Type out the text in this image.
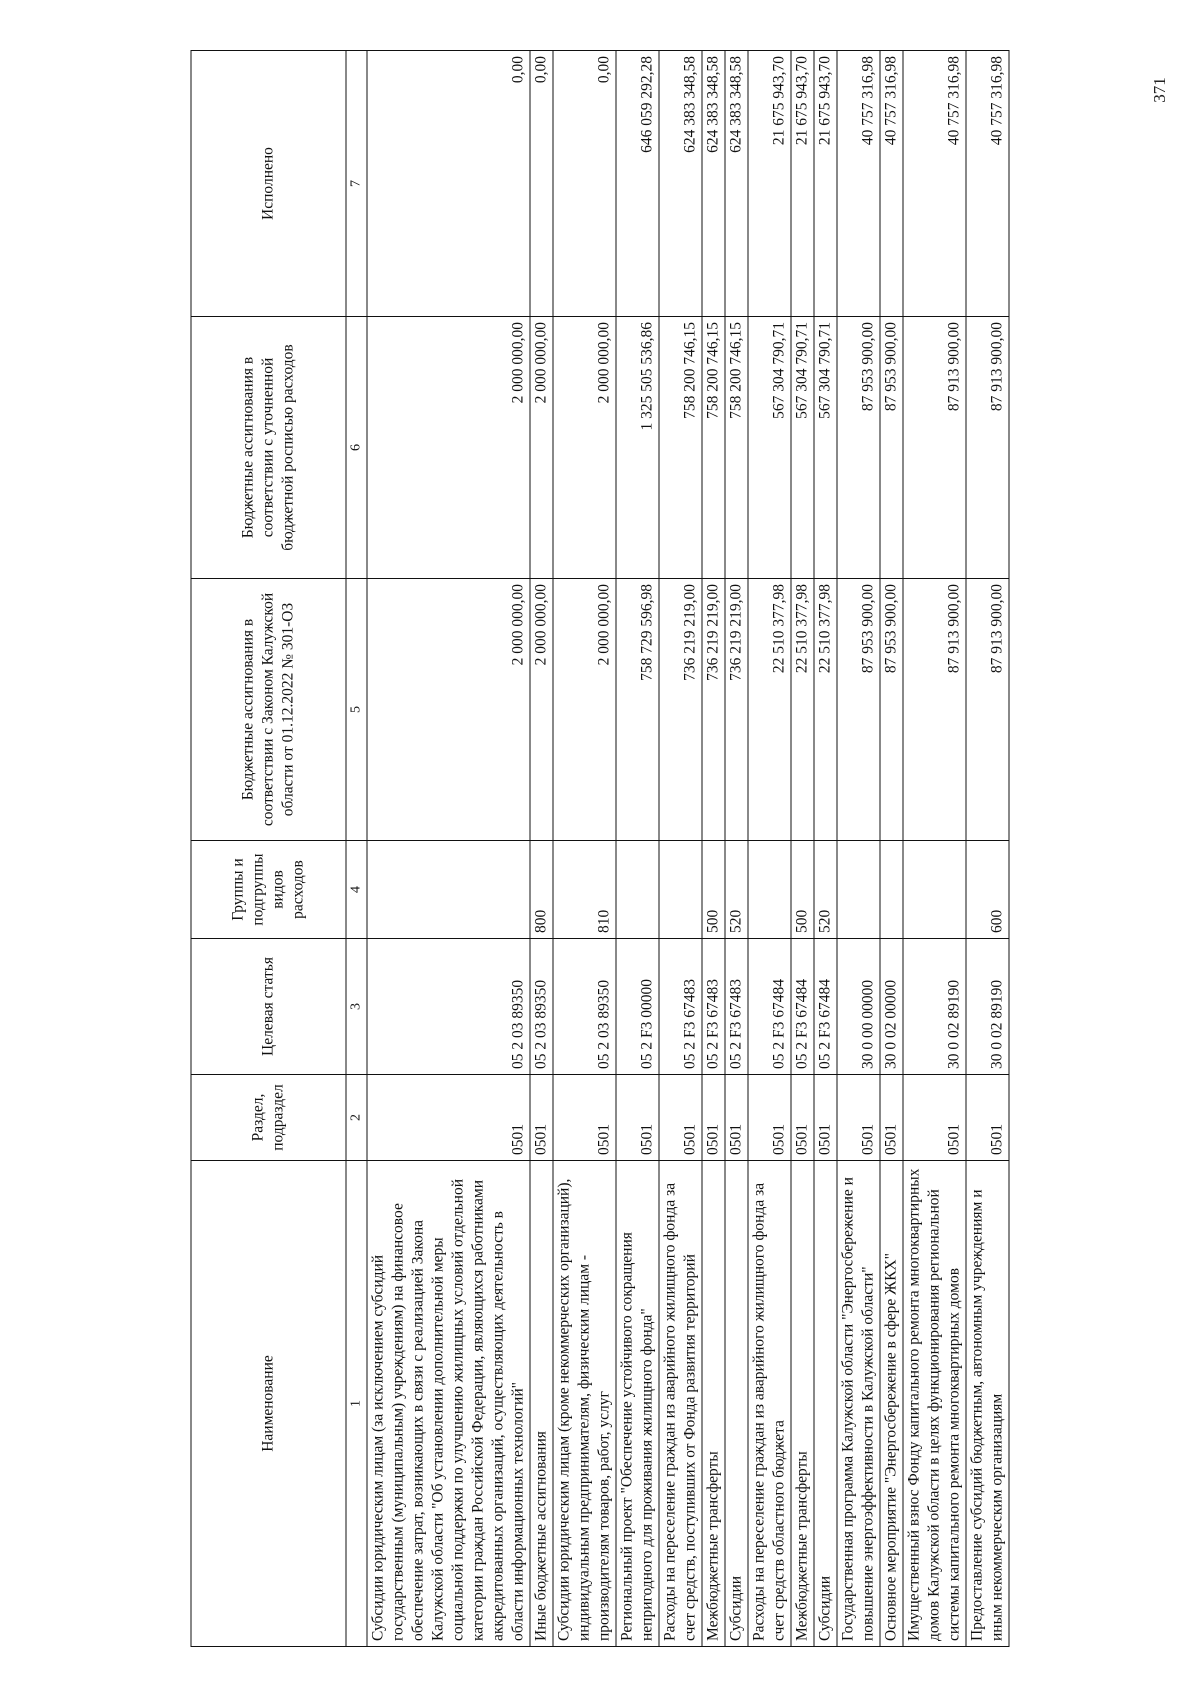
371
Наименование	Раздел, подраздел	Целевая статья	Группы и подгруппы видов расходов	Бюджетные ассигнования в соответствии с Законом Калужской области от 01.12.2022 № 301-ОЗ	Бюджетные ассигнования в соответствии с уточненной бюджетной росписью расходов	Исполнено
1	2	3	4	5	6	7
Субсидии юридическим лицам (за исключением субсидий государственным (муниципальным) учреждениям) на финансовое обеспечение затрат, возникающих в связи с реализацией Закона Калужской области "Об установлении дополнительной меры социальной поддержки по улучшению жилищных условий отдельной категории граждан Российской Федерации, являющихся работниками аккредитованных организаций, осуществляющих деятельность в области информационных технологий"	0501	05 2 03 89350		2 000 000,00	2 000 000,00	0,00
Иные бюджетные ассигнования	0501	05 2 03 89350	800	2 000 000,00	2 000 000,00	0,00
Субсидии юридическим лицам (кроме некоммерческих организаций), индивидуальным предпринимателям, физическим лицам - производителям товаров, работ, услуг	0501	05 2 03 89350	810	2 000 000,00	2 000 000,00	0,00
Региональный проект "Обеспечение устойчивого сокращения непригодного для проживания жилищного фонда"	0501	05 2 F3 00000		758 729 596,98	1 325 505 536,86	646 059 292,28
Расходы на переселение граждан из аварийного жилищного фонда за счет средств, поступивших от Фонда развития территорий	0501	05 2 F3 67483		736 219 219,00	758 200 746,15	624 383 348,58
Межбюджетные трансферты	0501	05 2 F3 67483	500	736 219 219,00	758 200 746,15	624 383 348,58
Субсидии	0501	05 2 F3 67483	520	736 219 219,00	758 200 746,15	624 383 348,58
Расходы на переселение граждан из аварийного жилищного фонда за счет средств областного бюджета	0501	05 2 F3 67484		22 510 377,98	567 304 790,71	21 675 943,70
Межбюджетные трансферты	0501	05 2 F3 67484	500	22 510 377,98	567 304 790,71	21 675 943,70
Субсидии	0501	05 2 F3 67484	520	22 510 377,98	567 304 790,71	21 675 943,70
Государственная программа Калужской области "Энергосбережение и повышение энергоэффективности в Калужской области"	0501	30 0 00 00000		87 953 900,00	87 953 900,00	40 757 316,98
Основное мероприятие "Энергосбережение в сфере ЖКХ"	0501	30 0 02 00000		87 953 900,00	87 953 900,00	40 757 316,98
Имущественный взнос Фонду капитального ремонта многоквартирных домов Калужской области в целях функционирования региональной системы капитального ремонта многоквартирных домов	0501	30 0 02 89190		87 913 900,00	87 913 900,00	40 757 316,98
Предоставление субсидий бюджетным, автономным учреждениям и иным некоммерческим организациям	0501	30 0 02 89190	600	87 913 900,00	87 913 900,00	40 757 316,98
